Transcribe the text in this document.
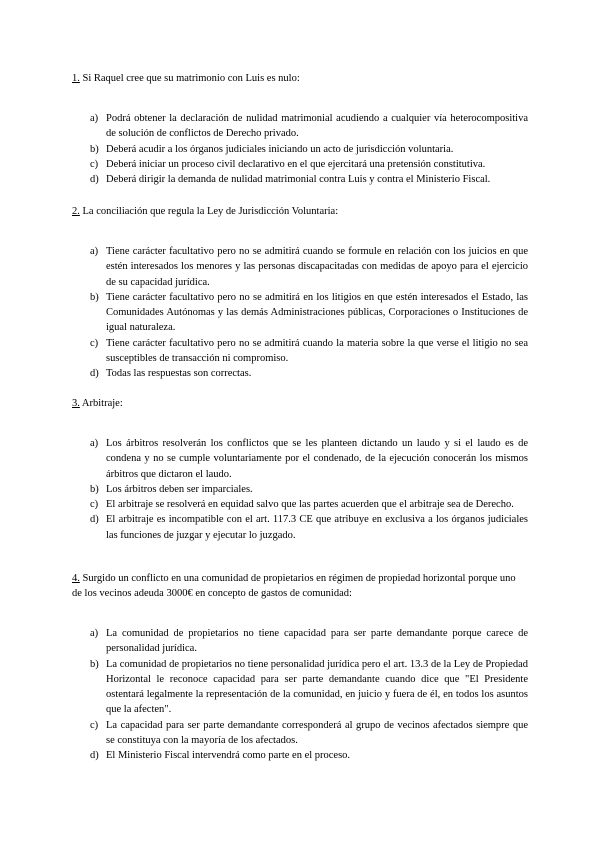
1. Si Raquel cree que su matrimonio con Luis es nulo:

a) Podrá obtener la declaración de nulidad matrimonial acudiendo a cualquier vía heterocompositiva de solución de conflictos de Derecho privado.
b) Deberá acudir a los órganos judiciales iniciando un acto de jurisdicción voluntaria.
c) Deberá iniciar un proceso civil declarativo en el que ejercitará una pretensión constitutiva.
d) Deberá dirigir la demanda de nulidad matrimonial contra Luis y contra el Ministerio Fiscal.

2. La conciliación que regula la Ley de Jurisdicción Voluntaria:

a) Tiene carácter facultativo pero no se admitirá cuando se formule en relación con los juicios en que estén interesados los menores y las personas discapacitadas con medidas de apoyo para el ejercicio de su capacidad jurídica.
b) Tiene carácter facultativo pero no se admitirá en los litigios en que estén interesados el Estado, las Comunidades Autónomas y las demás Administraciones públicas, Corporaciones o Instituciones de igual naturaleza.
c) Tiene carácter facultativo pero no se admitirá cuando la materia sobre la que verse el litigio no sea susceptibles de transacción ni compromiso.
d) Todas las respuestas son correctas.

3. Arbitraje:

a) Los árbitros resolverán los conflictos que se les planteen dictando un laudo y si el laudo es de condena y no se cumple voluntariamente por el condenado, de la ejecución conocerán los mismos árbitros que dictaron el laudo.
b) Los árbitros deben ser imparciales.
c) El arbitraje se resolverá en equidad salvo que las partes acuerden que el arbitraje sea de Derecho.
d) El arbitraje es incompatible con el art. 117.3 CE que atribuye en exclusiva a los órganos judiciales las funciones de juzgar y ejecutar lo juzgado.

4. Surgido un conflicto en una comunidad de propietarios en régimen de propiedad horizontal porque uno de los vecinos adeuda 3000€ en concepto de gastos de comunidad:

a) La comunidad de propietarios no tiene capacidad para ser parte demandante porque carece de personalidad jurídica.
b) La comunidad de propietarios no tiene personalidad jurídica pero el art. 13.3 de la Ley de Propiedad Horizontal le reconoce capacidad para ser parte demandante cuando dice que "El Presidente ostentará legalmente la representación de la comunidad, en juicio y fuera de él, en todos los asuntos que la afecten".
c) La capacidad para ser parte demandante corresponderá al grupo de vecinos afectados siempre que se constituya con la mayoría de los afectados.
d) El Ministerio Fiscal intervendrá como parte en el proceso.
